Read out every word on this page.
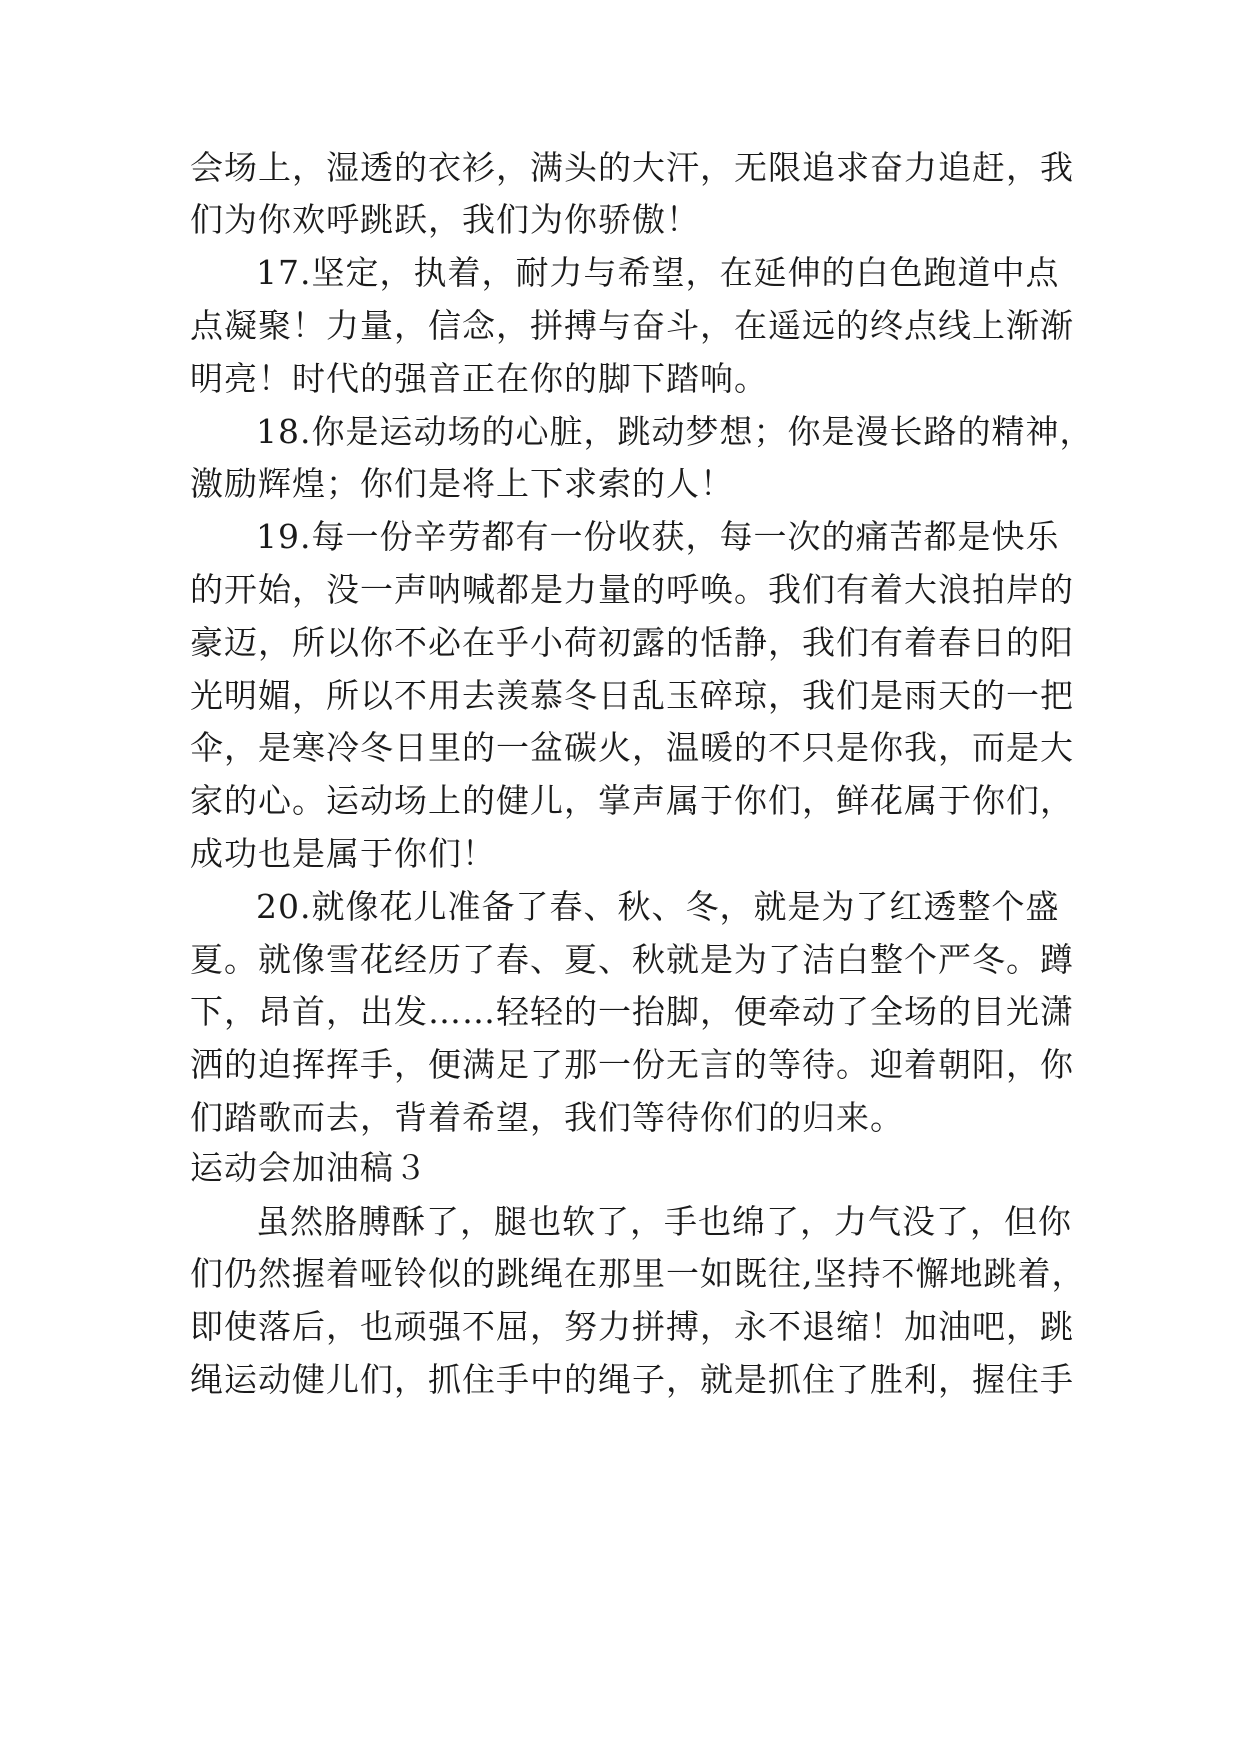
会场上，湿透的衣衫，满头的大汗，无限追求奋力追赶，我
们为你欢呼跳跃，我们为你骄傲！
17.坚定，执着，耐力与希望，在延伸的白色跑道中点
点凝聚！力量，信念，拼搏与奋斗，在遥远的终点线上渐渐
明亮！时代的强音正在你的脚下踏响。
18.你是运动场的心脏，跳动梦想；你是漫长路的精神，
激励辉煌；你们是将上下求索的人！
19.每一份辛劳都有一份收获，每一次的痛苦都是快乐
的开始，没一声呐喊都是力量的呼唤。我们有着大浪拍岸的
豪迈，所以你不必在乎小荷初露的恬静，我们有着春日的阳
光明媚，所以不用去羡慕冬日乱玉碎琼，我们是雨天的一把
伞，是寒冷冬日里的一盆碳火，温暖的不只是你我，而是大
家的心。运动场上的健儿，掌声属于你们，鲜花属于你们，
成功也是属于你们！
20.就像花儿准备了春、秋、冬，就是为了红透整个盛
夏。就像雪花经历了春、夏、秋就是为了洁白整个严冬。蹲
下，昂首，出发……轻轻的一抬脚，便牵动了全场的目光潇
洒的迫挥挥手，便满足了那一份无言的等待。迎着朝阳，你
们踏歌而去，背着希望，我们等待你们的归来。
运动会加油稿３
虽然胳膊酥了，腿也软了，手也绵了，力气没了，但你
们仍然握着哑铃似的跳绳在那里一如既往,坚持不懈地跳着，
即使落后，也顽强不屈，努力拼搏，永不退缩！加油吧，跳
绳运动健儿们，抓住手中的绳子，就是抓住了胜利，握住手
